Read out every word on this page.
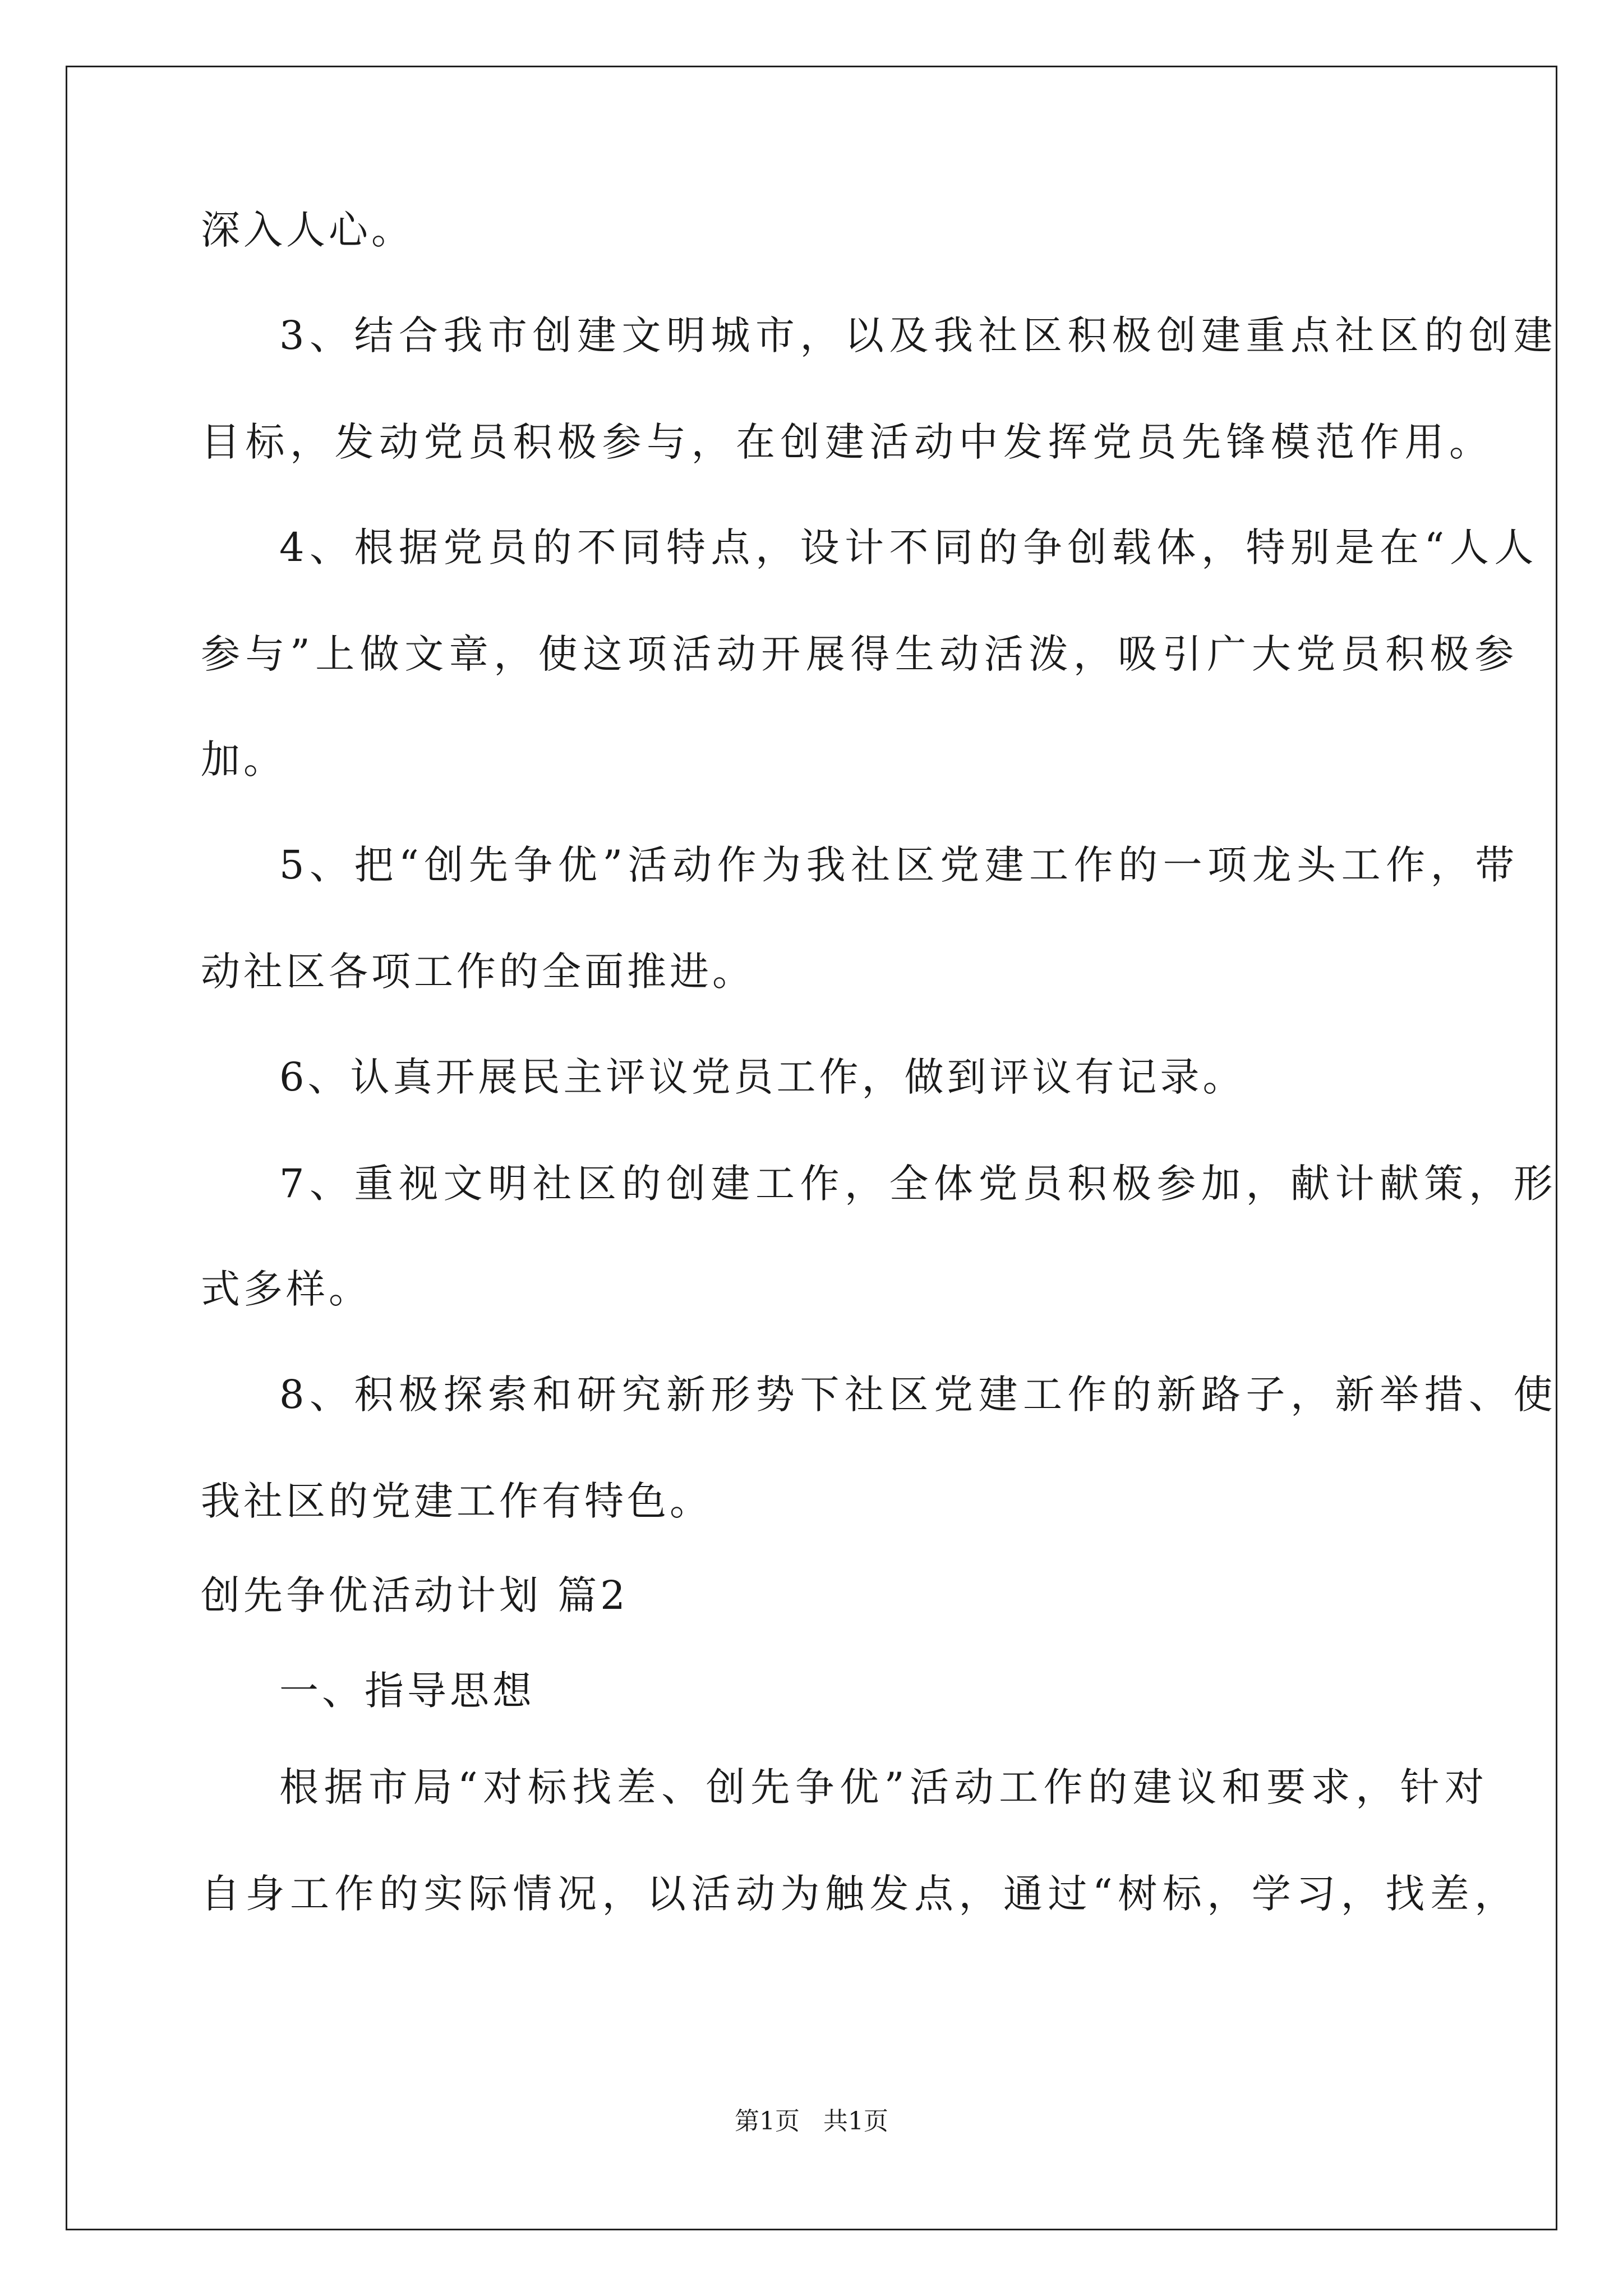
深入人心。

3、结合我市创建文明城市，以及我社区积极创建重点社区的创建

目标，发动党员积极参与，在创建活动中发挥党员先锋模范作用。

4、根据党员的不同特点，设计不同的争创载体，特别是在“人人

参与”上做文章，使这项活动开展得生动活泼，吸引广大党员积极参

加。

5、把“创先争优”活动作为我社区党建工作的一项龙头工作，带

动社区各项工作的全面推进。

6、认真开展民主评议党员工作，做到评议有记录。

7、重视文明社区的创建工作，全体党员积极参加，献计献策，形

式多样。

8、积极探索和研究新形势下社区党建工作的新路子，新举措、使

我社区的党建工作有特色。

创先争优活动计划 篇2

一、指导思想

根据市局“对标找差、创先争优”活动工作的建议和要求，针对

自身工作的实际情况，以活动为触发点，通过“树标，学习，找差，

第1页   共1页
